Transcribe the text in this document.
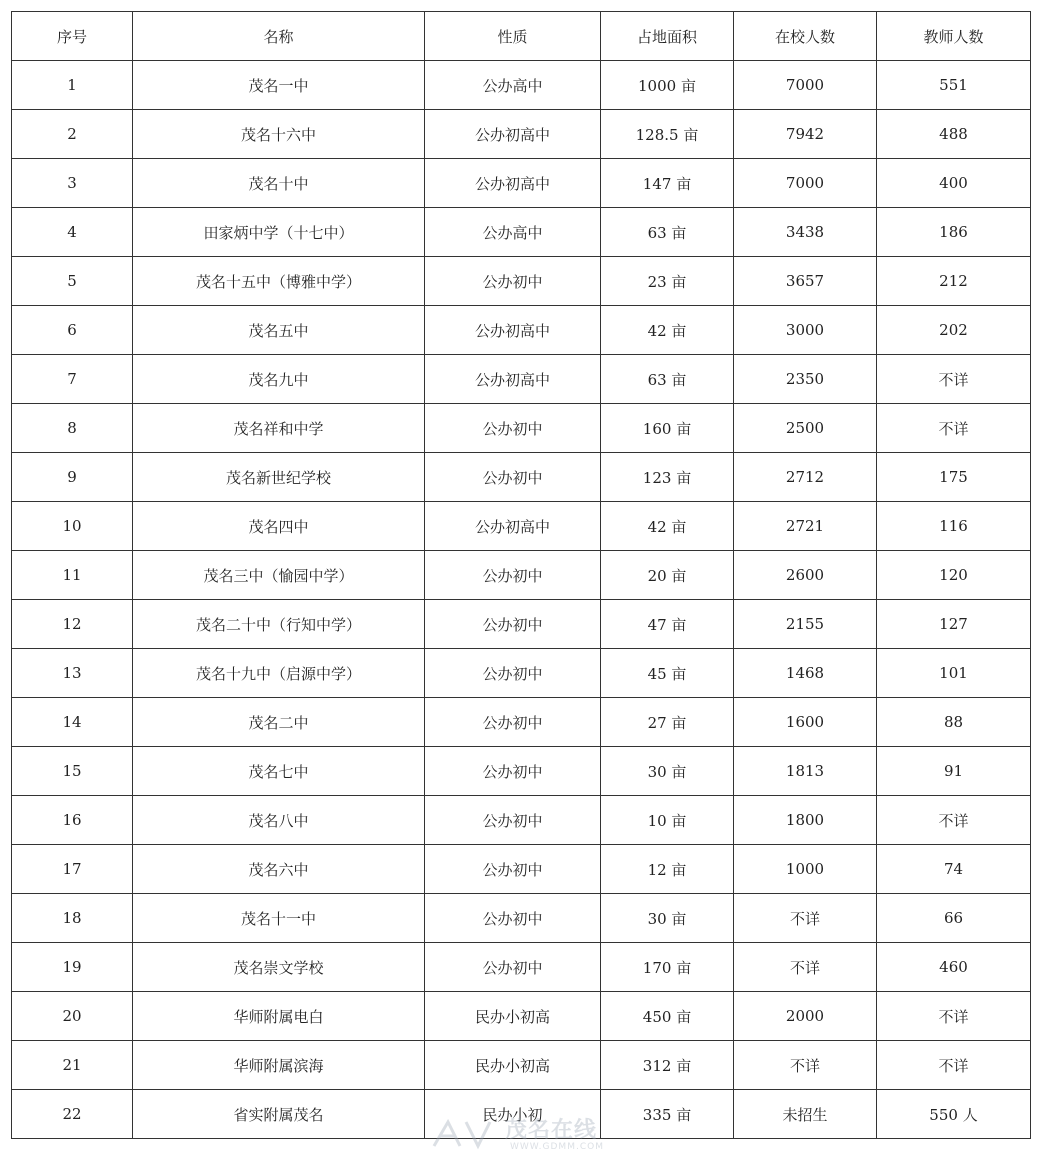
序号	名称	性质	占地面积	在校人数	教师人数
1	茂名一中	公办高中	1000 亩	7000	551
2	茂名十六中	公办初高中	128.5 亩	7942	488
3	茂名十中	公办初高中	147 亩	7000	400
4	田家炳中学（十七中）	公办高中	63 亩	3438	186
5	茂名十五中（博雅中学）	公办初中	23 亩	3657	212
6	茂名五中	公办初高中	42 亩	3000	202
7	茂名九中	公办初高中	63 亩	2350	不详
8	茂名祥和中学	公办初中	160 亩	2500	不详
9	茂名新世纪学校	公办初中	123 亩	2712	175
10	茂名四中	公办初高中	42 亩	2721	116
11	茂名三中（愉园中学）	公办初中	20 亩	2600	120
12	茂名二十中（行知中学）	公办初中	47 亩	2155	127
13	茂名十九中（启源中学）	公办初中	45 亩	1468	101
14	茂名二中	公办初中	27 亩	1600	88
15	茂名七中	公办初中	30 亩	1813	91
16	茂名八中	公办初中	10 亩	1800	不详
17	茂名六中	公办初中	12 亩	1000	74
18	茂名十一中	公办初中	30 亩	不详	66
19	茂名崇文学校	公办初中	170 亩	不详	460
20	华师附属电白	民办小初高	450 亩	2000	不详
21	华师附属滨海	民办小初高	312 亩	不详	不详
22	省实附属茂名	民办小初	335 亩	未招生	550 人
茂名在线
WWW.GDMM.COM
